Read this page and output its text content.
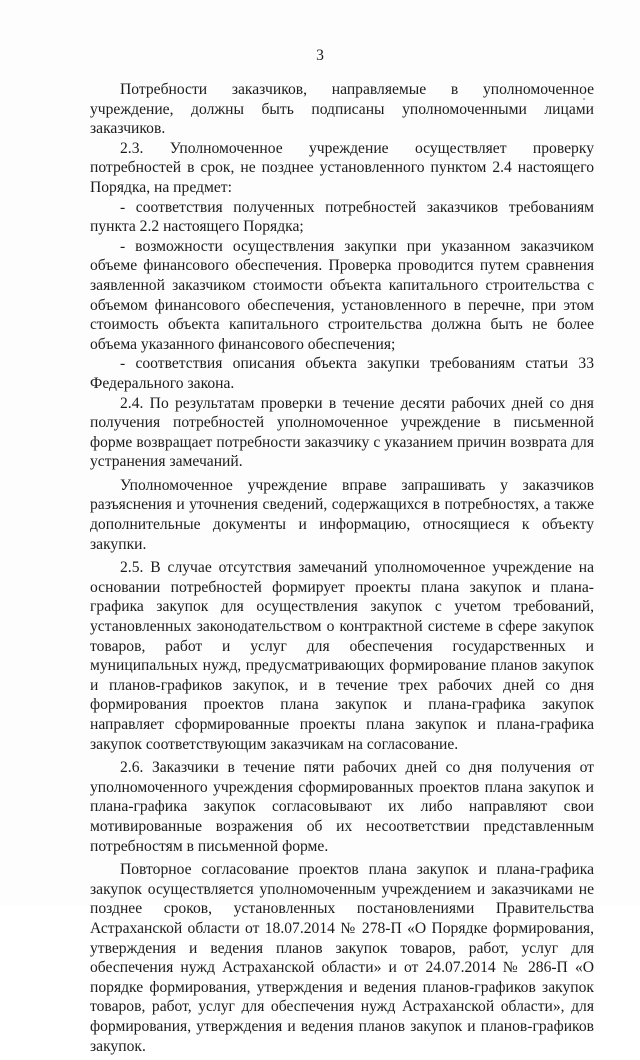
3

Потребности заказчиков, направляемые в уполномоченное учреждение, должны быть подписаны уполномоченными лицами заказчиков.

2.3. Уполномоченное учреждение осуществляет проверку потребностей в срок, не позднее установленного пунктом 2.4 настоящего Порядка, на предмет:

- соответствия полученных потребностей заказчиков требованиям пункта 2.2 настоящего Порядка;

- возможности осуществления закупки при указанном заказчиком объеме финансового обеспечения. Проверка проводится путем сравнения заявленной заказчиком стоимости объекта капитального строительства с объемом финансового обеспечения, установленного в перечне, при этом стоимость объекта капитального строительства должна быть не более объема указанного финансового обеспечения;

- соответствия описания объекта закупки требованиям статьи 33 Федерального закона.

2.4. По результатам проверки в течение десяти рабочих дней со дня получения потребностей уполномоченное учреждение в письменной форме возвращает потребности заказчику с указанием причин возврата для устранения замечаний.

Уполномоченное учреждение вправе запрашивать у заказчиков разъяснения и уточнения сведений, содержащихся в потребностях, а также дополнительные документы и информацию, относящиеся к объекту закупки.

2.5. В случае отсутствия замечаний уполномоченное учреждение на основании потребностей формирует проекты плана закупок и плана-графика закупок для осуществления закупок с учетом требований, установленных законодательством о контрактной системе в сфере закупок товаров, работ и услуг для обеспечения государственных и муниципальных нужд, предусматривающих формирование планов закупок и планов-графиков закупок, и в течение трех рабочих дней со дня формирования проектов плана закупок и плана-графика закупок направляет сформированные проекты плана закупок и плана-графика закупок соответствующим заказчикам на согласование.

2.6. Заказчики в течение пяти рабочих дней со дня получения от уполномоченного учреждения сформированных проектов плана закупок и плана-графика закупок согласовывают их либо направляют свои мотивированные возражения об их несоответствии представленным потребностям в письменной форме.

Повторное согласование проектов плана закупок и плана-графика закупок осуществляется уполномоченным учреждением и заказчиками не позднее сроков, установленных постановлениями Правительства Астраханской области от 18.07.2014 № 278-П «О Порядке формирования, утверждения и ведения планов закупок товаров, работ, услуг для обеспечения нужд Астраханской области» и от 24.07.2014 № 286-П «О порядке формирования, утверждения и ведения планов-графиков закупок товаров, работ, услуг для обеспечения нужд Астраханской области», для формирования, утверждения и ведения планов закупок и планов-графиков закупок.
